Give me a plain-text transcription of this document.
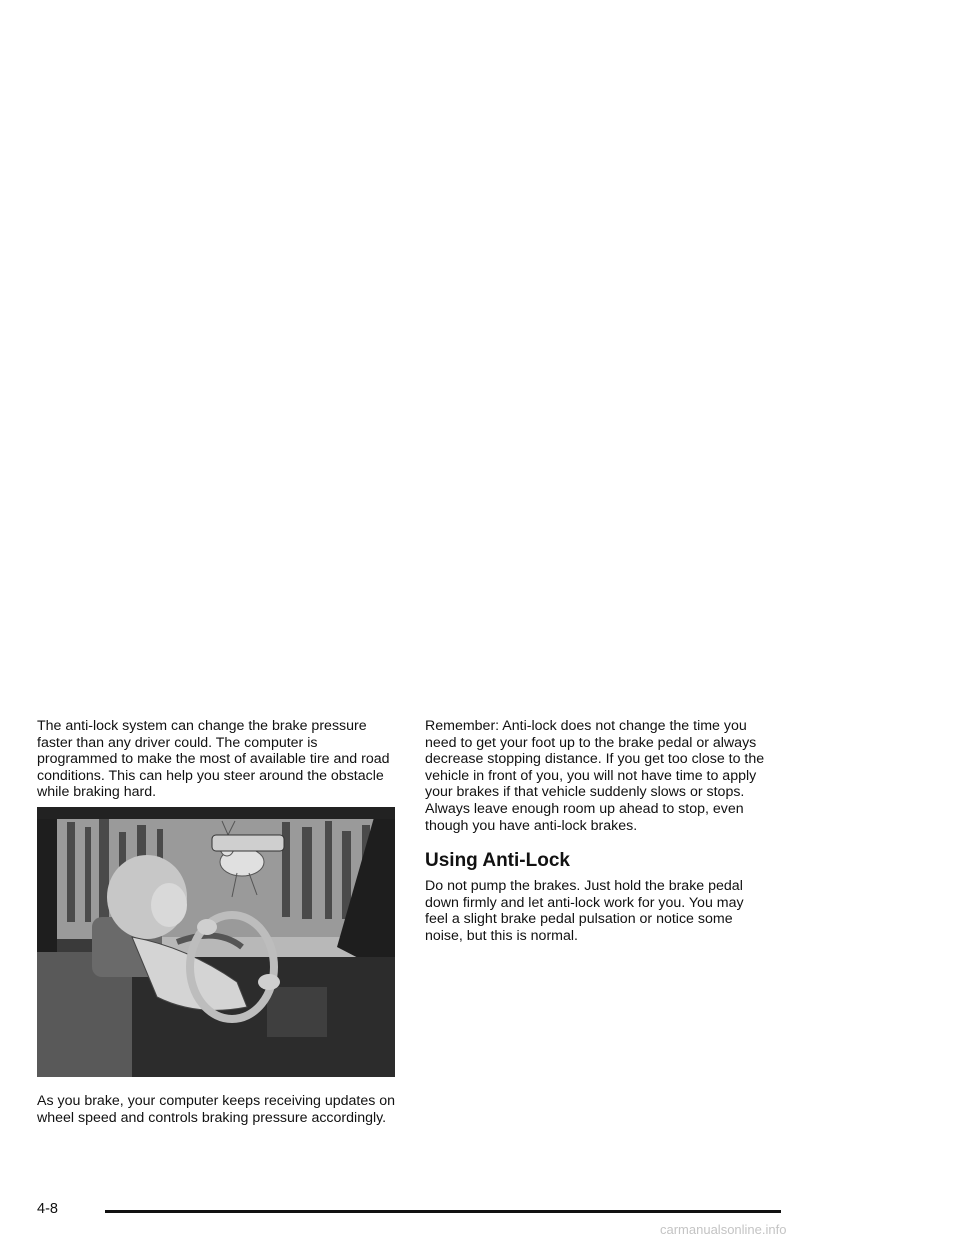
The anti-lock system can change the brake pressure faster than any driver could. The computer is programmed to make the most of available tire and road conditions. This can help you steer around the obstacle while braking hard.

As you brake, your computer keeps receiving updates on wheel speed and controls braking pressure accordingly.

Remember: Anti-lock does not change the time you need to get your foot up to the brake pedal or always decrease stopping distance. If you get too close to the vehicle in front of you, you will not have time to apply your brakes if that vehicle suddenly slows or stops. Always leave enough room up ahead to stop, even though you have anti-lock brakes.

Using Anti-Lock

Do not pump the brakes. Just hold the brake pedal down firmly and let anti-lock work for you. You may feel a slight brake pedal pulsation or notice some noise, but this is normal.

4-8
carmanualsonline.info
